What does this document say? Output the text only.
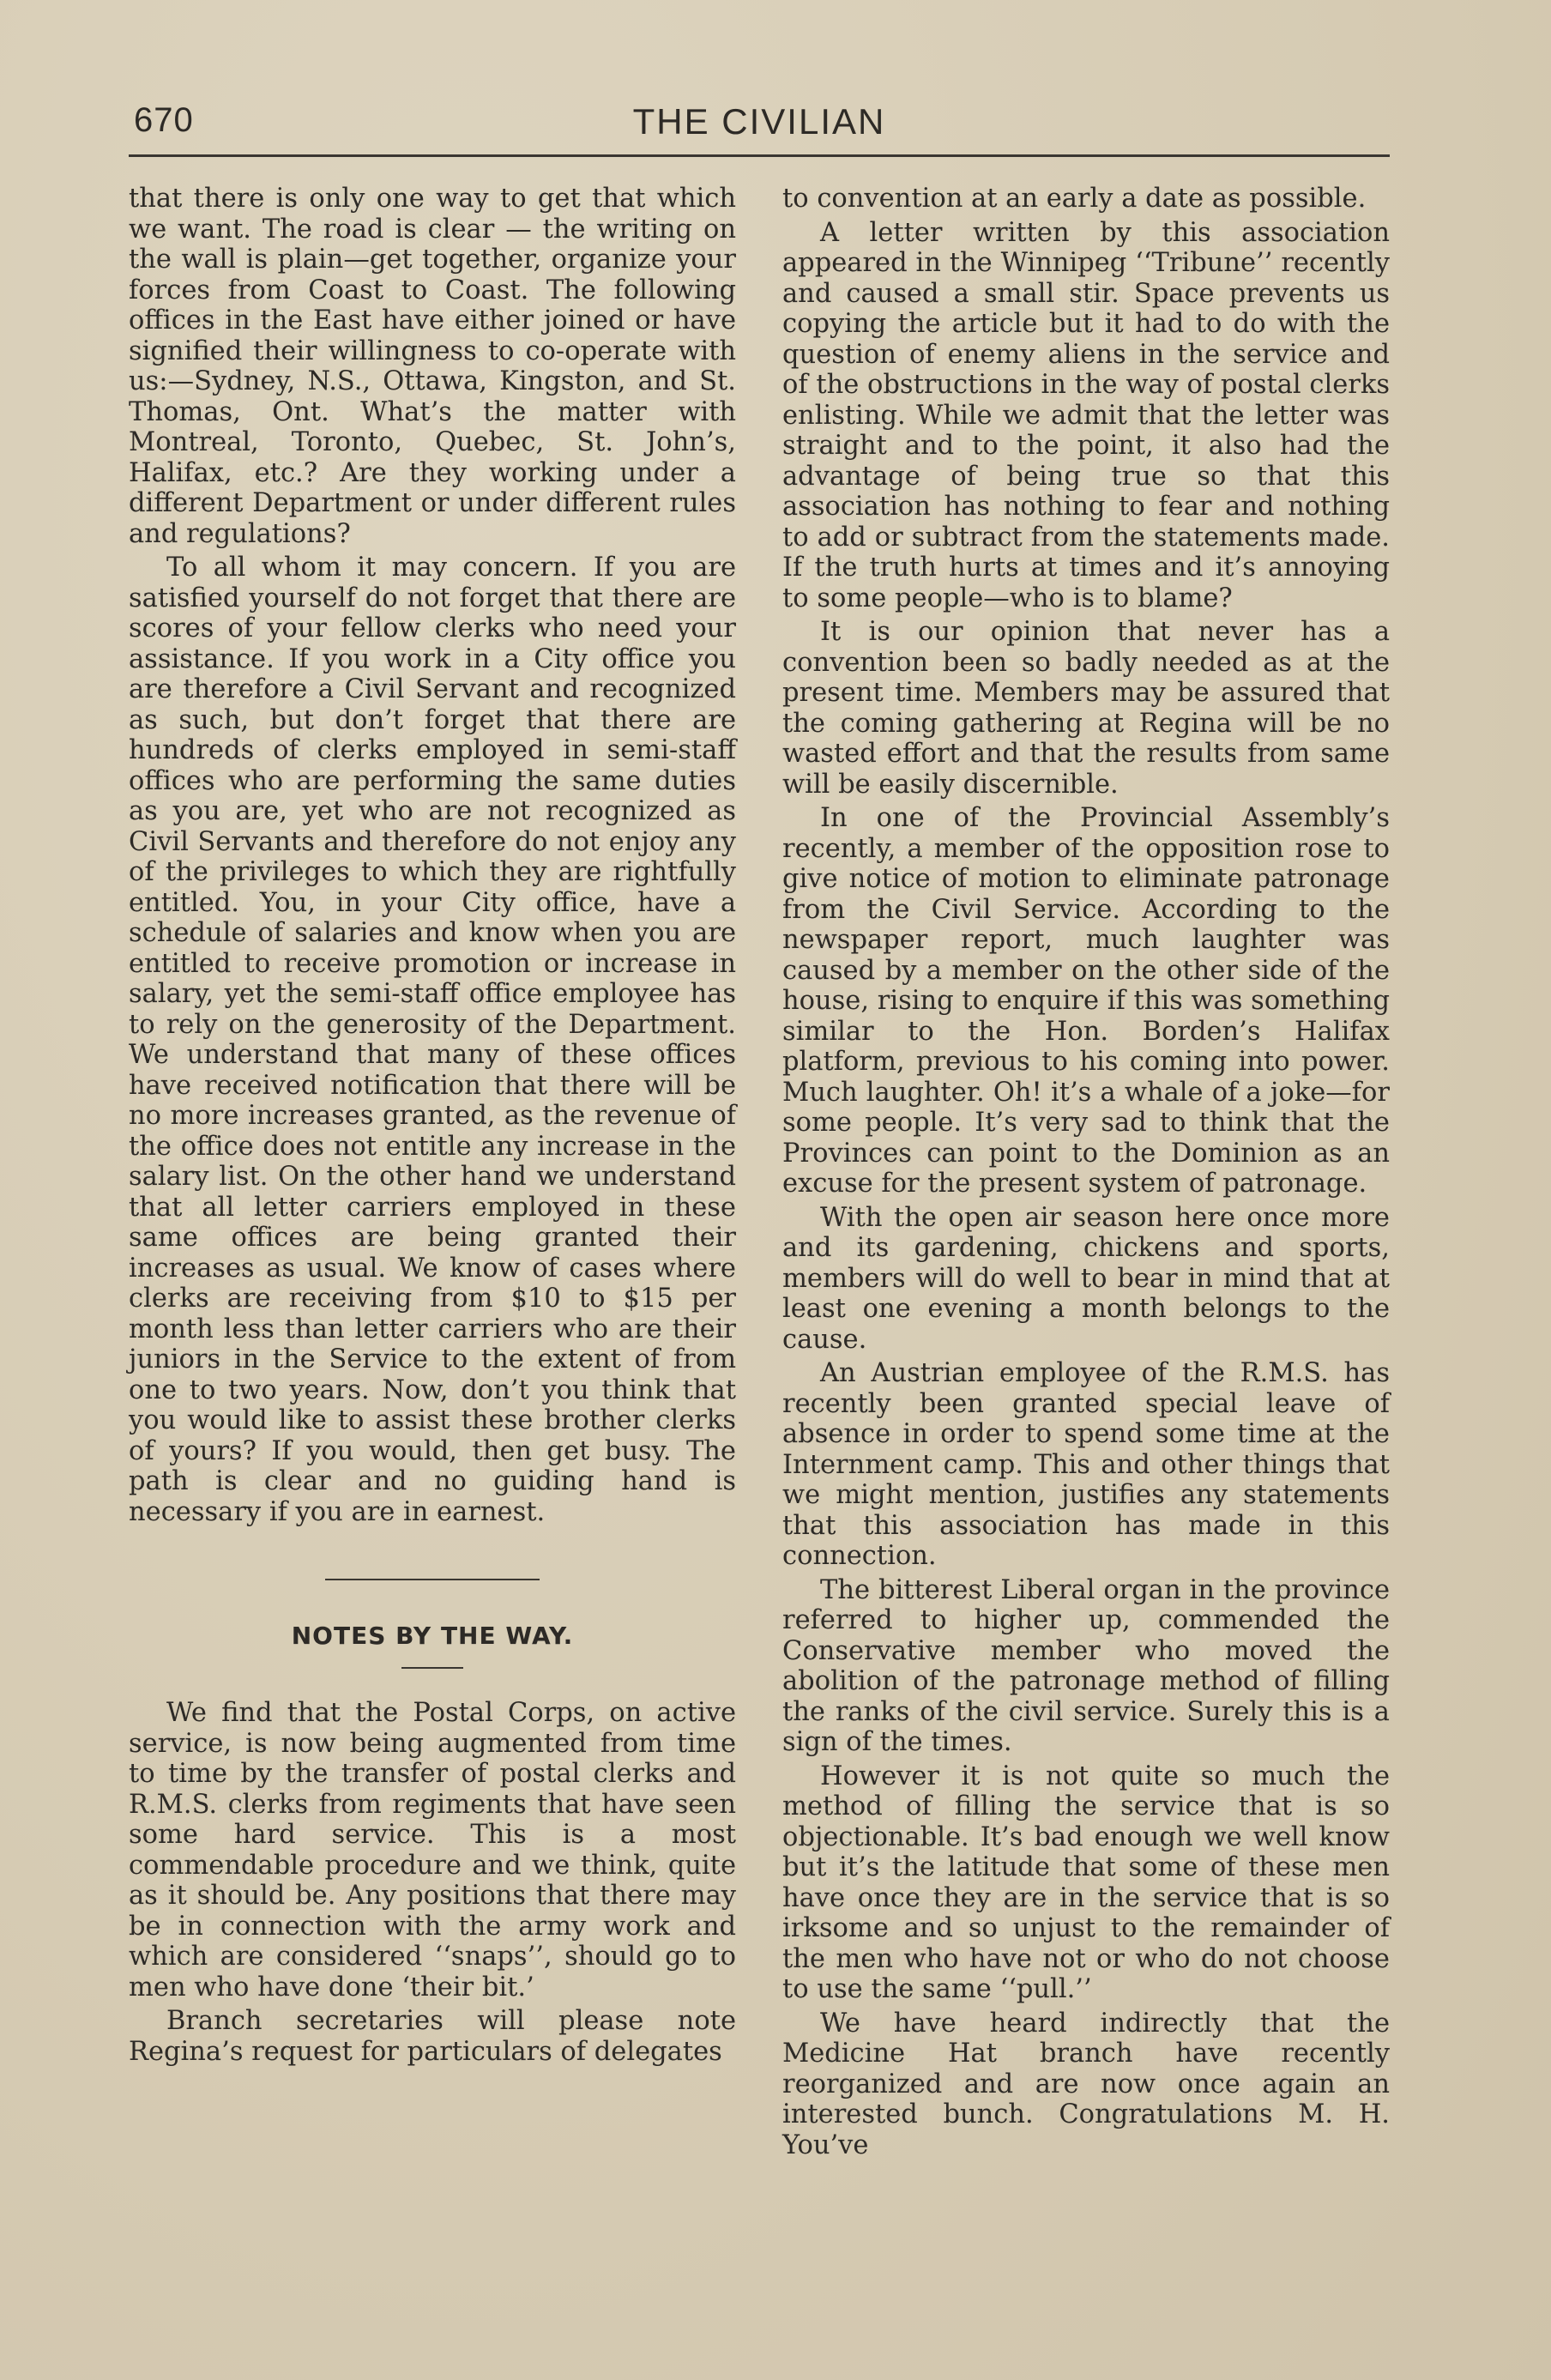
670	THE CIVILIAN

that there is only one way to get that which we want. The road is clear — the writing on the wall is plain—get together, organize your forces from Coast to Coast. The following offices in the East have either joined or have signified their willingness to co-operate with us:—Sydney, N.S., Ottawa, Kingston, and St. Thomas, Ont. What’s the matter with Montreal, Toronto, Quebec, St. John’s, Halifax, etc.? Are they working under a different Department or under different rules and regulations?

To all whom it may concern. If you are satisfied yourself do not forget that there are scores of your fellow clerks who need your assistance. If you work in a City office you are therefore a Civil Servant and recognized as such, but don’t forget that there are hundreds of clerks employed in semi-staff offices who are performing the same duties as you are, yet who are not recognized as Civil Servants and therefore do not enjoy any of the privileges to which they are rightfully entitled. You, in your City office, have a schedule of salaries and know when you are entitled to receive promotion or increase in salary, yet the semi-staff office employee has to rely on the generosity of the Department. We understand that many of these offices have received notification that there will be no more increases granted, as the revenue of the office does not entitle any increase in the salary list. On the other hand we understand that all letter carriers employed in these same offices are being granted their increases as usual. We know of cases where clerks are receiving from $10 to $15 per month less than letter carriers who are their juniors in the Service to the extent of from one to two years. Now, don’t you think that you would like to assist these brother clerks of yours? If you would, then get busy. The path is clear and no guiding hand is necessary if you are in earnest.

NOTES BY THE WAY.

We find that the Postal Corps, on active service, is now being augmented from time to time by the transfer of postal clerks and R.M.S. clerks from regiments that have seen some hard service. This is a most commendable procedure and we think, quite as it should be. Any positions that there may be in connection with the army work and which are considered ‘‘snaps’’, should go to men who have done ‘their bit.’

Branch secretaries will please note Regina’s request for particulars of delegates

to convention at an early a date as possible.

A letter written by this association appeared in the Winnipeg ‘‘Tribune’’ recently and caused a small stir. Space prevents us copying the article but it had to do with the question of enemy aliens in the service and of the obstructions in the way of postal clerks enlisting. While we admit that the letter was straight and to the point, it also had the advantage of being true so that this association has nothing to fear and nothing to add or subtract from the statements made. If the truth hurts at times and it’s annoying to some people—who is to blame?

It is our opinion that never has a convention been so badly needed as at the present time. Members may be assured that the coming gathering at Regina will be no wasted effort and that the results from same will be easily discernible.

In one of the Provincial Assembly’s recently, a member of the opposition rose to give notice of motion to eliminate patronage from the Civil Service. According to the newspaper report, much laughter was caused by a member on the other side of the house, rising to enquire if this was something similar to the Hon. Borden’s Halifax platform, previous to his coming into power. Much laughter. Oh! it’s a whale of a joke—for some people. It’s very sad to think that the Provinces can point to the Dominion as an excuse for the present system of patronage.

With the open air season here once more and its gardening, chickens and sports, members will do well to bear in mind that at least one evening a month belongs to the cause.

An Austrian employee of the R.M.S. has recently been granted special leave of absence in order to spend some time at the Internment camp. This and other things that we might mention, justifies any statements that this association has made in this connection.

The bitterest Liberal organ in the province referred to higher up, commended the Conservative member who moved the abolition of the patronage method of filling the ranks of the civil service. Surely this is a sign of the times.

However it is not quite so much the method of filling the service that is so objectionable. It’s bad enough we well know but it’s the latitude that some of these men have once they are in the service that is so irksome and so unjust to the remainder of the men who have not or who do not choose to use the same ‘‘pull.’’

We have heard indirectly that the Medicine Hat branch have recently reorganized and are now once again an interested bunch. Congratulations M. H. You’ve
